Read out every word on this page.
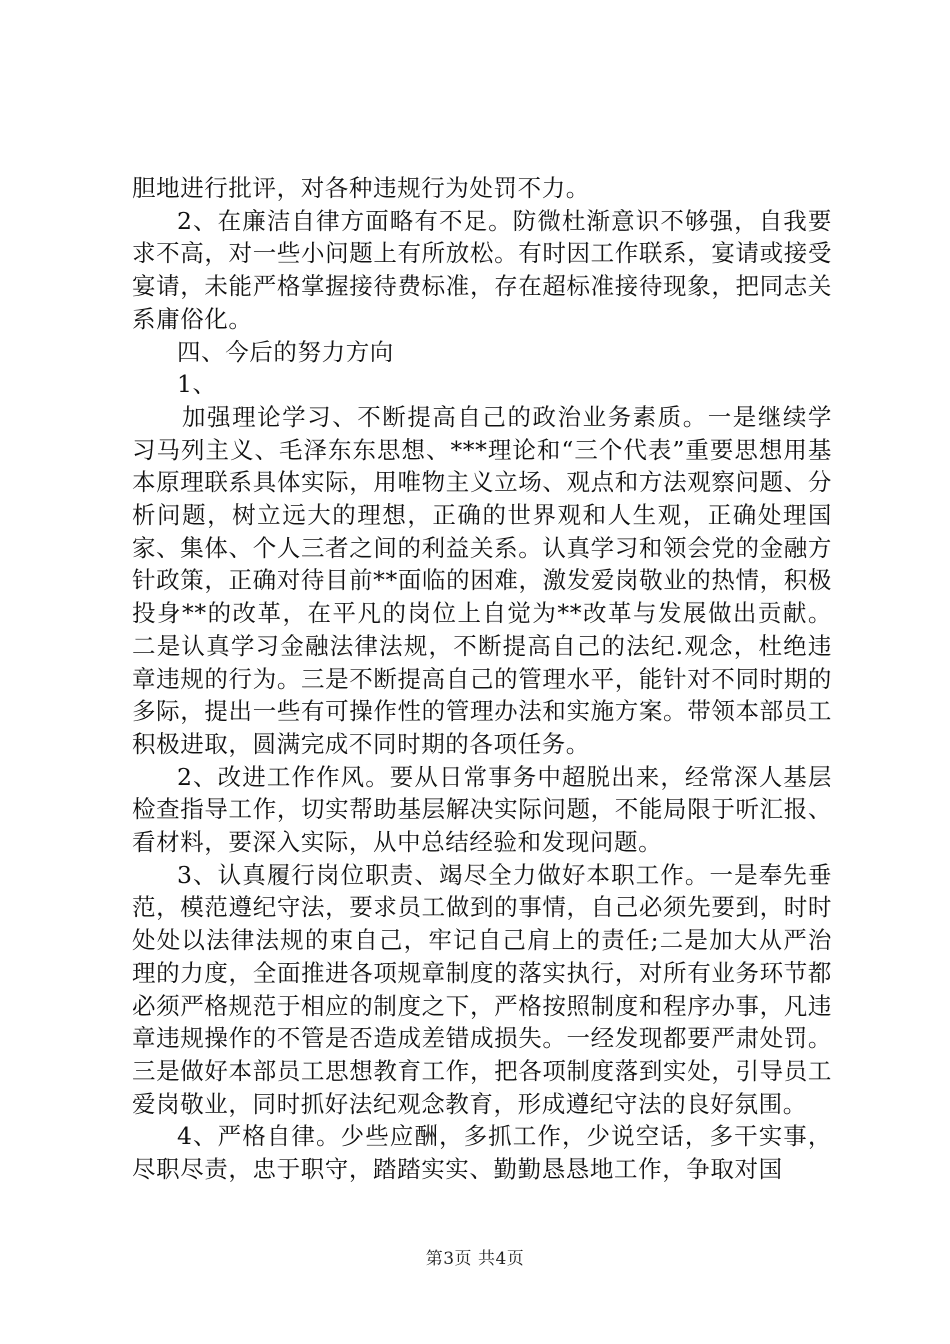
胆地进行批评，对各种违规行为处罚不力。

2、在廉洁自律方面略有不足。防微杜渐意识不够强，自我要求不高，对一些小问题上有所放松。有时因工作联系，宴请或接受宴请，未能严格掌握接待费标准，存在超标准接待现象，把同志关系庸俗化。

四、今后的努力方向

1、

加强理论学习、不断提高自己的政治业务素质。一是继续学习马列主义、毛泽东东思想、***理论和“三个代表”重要思想用基本原理联系具体实际，用唯物主义立场、观点和方法观察问题、分析问题，树立远大的理想，正确的世界观和人生观，正确处理国家、集体、个人三者之间的利益关系。认真学习和领会党的金融方针政策，正确对待目前**面临的困难，激发爱岗敬业的热情，积极投身**的改革，在平凡的岗位上自觉为**改革与发展做出贡献。二是认真学习金融法律法规，不断提高自己的法纪.观念，杜绝违章违规的行为。三是不断提高自己的管理水平，能针对不同时期的多际，提出一些有可操作性的管理办法和实施方案。带领本部员工积极进取，圆满完成不同时期的各项任务。

2、改进工作作风。要从日常事务中超脱出来，经常深人基层检查指导工作，切实帮助基层解决实际问题，不能局限于听汇报、看材料，要深入实际，从中总结经验和发现问题。

3、认真履行岗位职责、竭尽全力做好本职工作。一是奉先垂范，模范遵纪守法，要求员工做到的事情，自己必须先要到，时时处处以法律法规的束自己，牢记自己肩上的责任;二是加大从严治理的力度，全面推进各项规章制度的落实执行，对所有业务环节都必须严格规范于相应的制度之下，严格按照制度和程序办事，凡违章违规操作的不管是否造成差错成损失。一经发现都要严肃处罚。三是做好本部员工思想教育工作，把各项制度落到实处，引导员工爱岗敬业，同时抓好法纪观念教育，形成遵纪守法的良好氛围。

4、严格自律。少些应酬，多抓工作，少说空话，多干实事，尽职尽责，忠于职守，踏踏实实、勤勤恳恳地工作，争取对国

第3页 共4页
